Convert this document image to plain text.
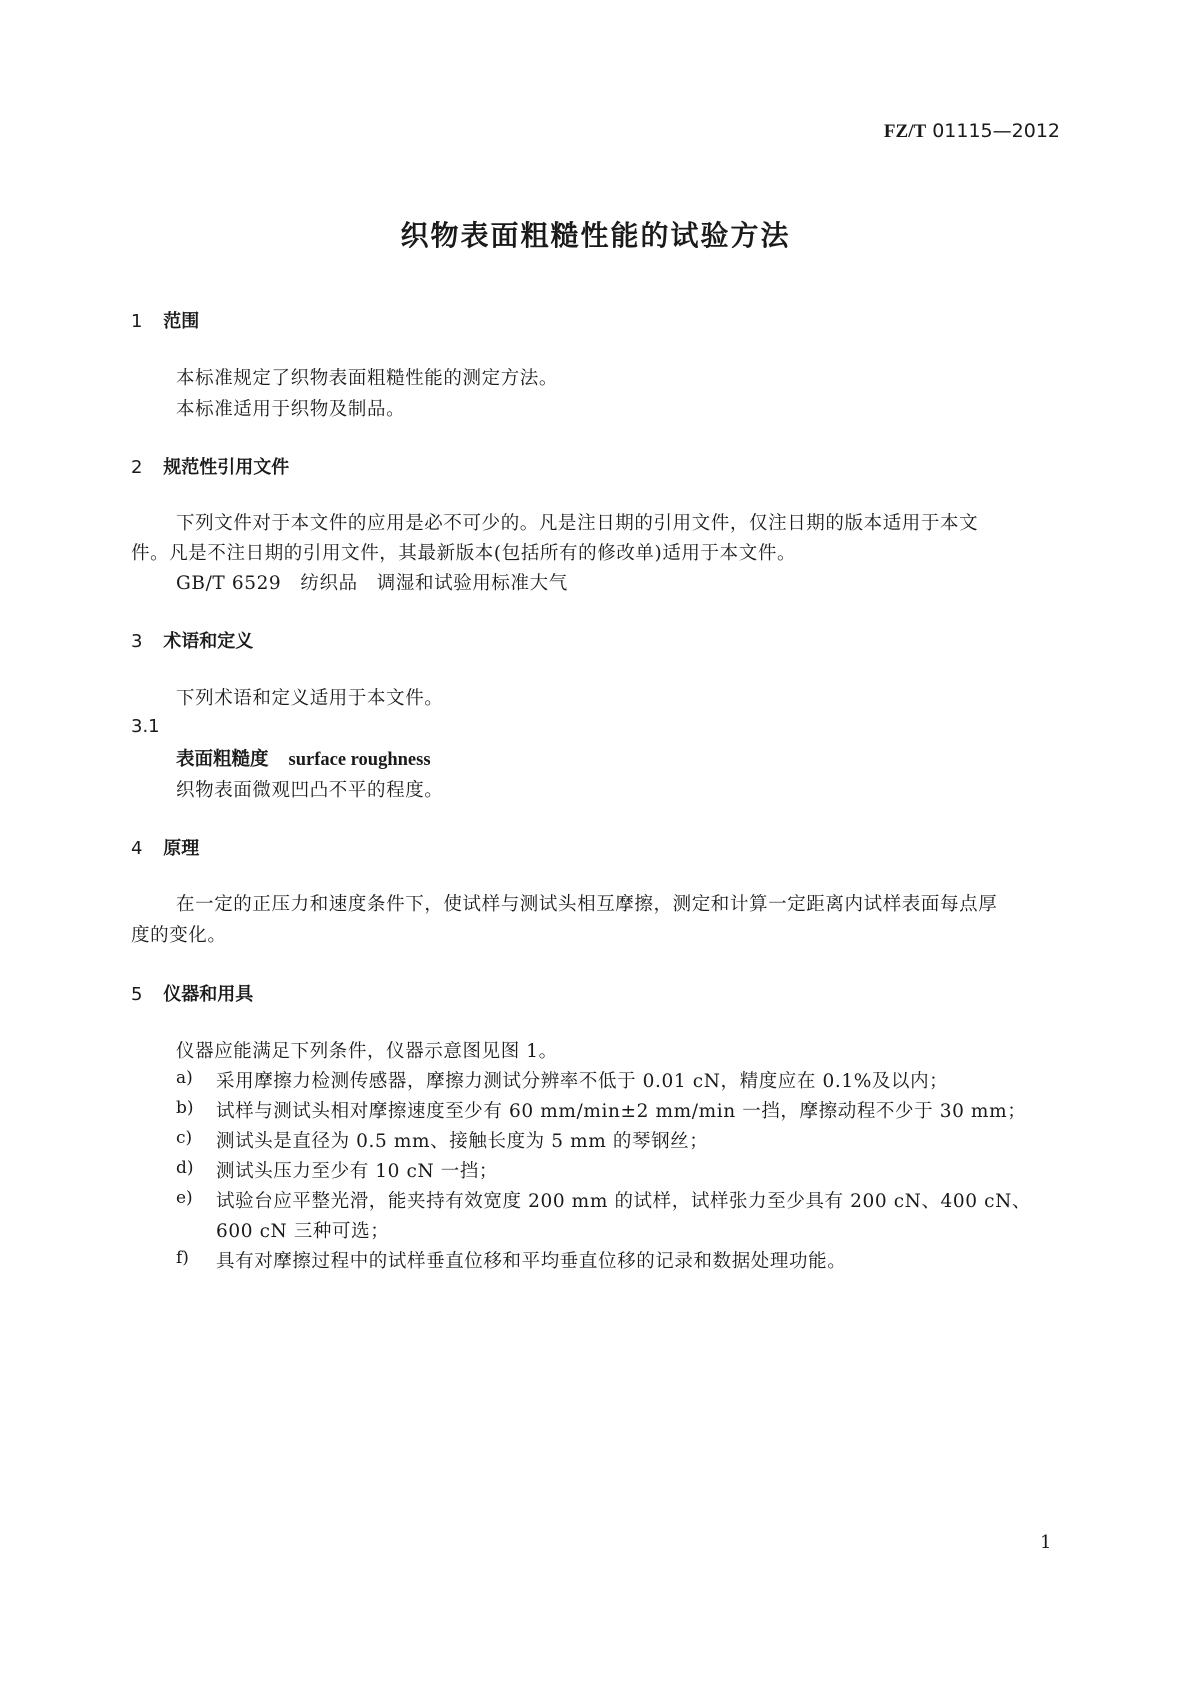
FZ/T 01115—2012
织物表面粗糙性能的试验方法
1 范围
本标准规定了织物表面粗糙性能的测定方法。
本标准适用于织物及制品。
2 规范性引用文件
下列文件对于本文件的应用是必不可少的。凡是注日期的引用文件，仅注日期的版本适用于本文
件。凡是不注日期的引用文件，其最新版本(包括所有的修改单)适用于本文件。
GB/T 6529　纺织品　调湿和试验用标准大气
3 术语和定义
下列术语和定义适用于本文件。
3.1
表面粗糙度 surface roughness
织物表面微观凹凸不平的程度。
4 原理
在一定的正压力和速度条件下，使试样与测试头相互摩擦，测定和计算一定距离内试样表面每点厚
度的变化。
5 仪器和用具
仪器应能满足下列条件，仪器示意图见图 1。
a) 采用摩擦力检测传感器，摩擦力测试分辨率不低于 0.01 cN，精度应在 0.1%及以内；
b) 试样与测试头相对摩擦速度至少有 60 mm/min±2 mm/min 一挡，摩擦动程不少于 30 mm；
c) 测试头是直径为 0.5 mm、接触长度为 5 mm 的琴钢丝；
d) 测试头压力至少有 10 cN 一挡；
e) 试验台应平整光滑，能夹持有效宽度 200 mm 的试样，试样张力至少具有 200 cN、400 cN、
600 cN 三种可选；
f) 具有对摩擦过程中的试样垂直位移和平均垂直位移的记录和数据处理功能。
1
